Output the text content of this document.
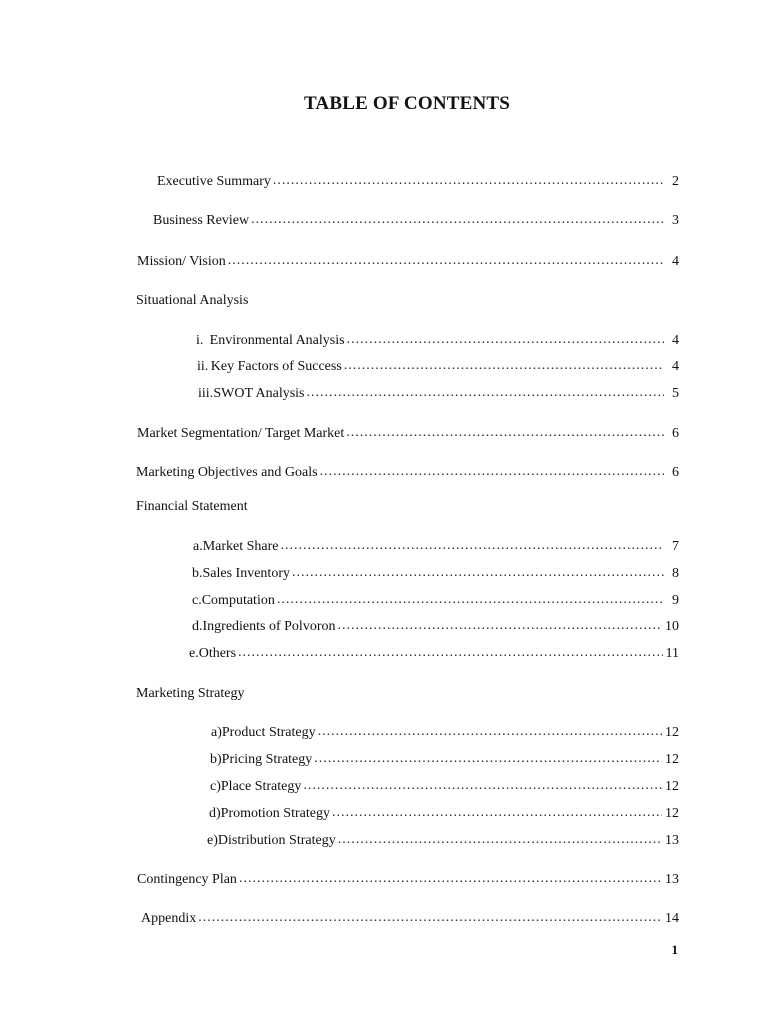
TABLE OF CONTENTS
Executive Summary .....	2
Business Review .....	3
Mission/ Vision .....	4
Situational Analysis
i. Environmental Analysis .....	4
ii. Key Factors of Success .....	4
iii. SWOT Analysis .....	5
Market Segmentation/ Target Market .....	6
Marketing Objectives and Goals .....	6
Financial Statement
a. Market Share .....	7
b. Sales Inventory .....	8
c. Computation .....	9
d. Ingredients of Polvoron .....	10
e. Others .....	11
Marketing Strategy
a) Product Strategy .....	12
b) Pricing Strategy .....	12
c) Place Strategy .....	12
d) Promotion Strategy .....	12
e) Distribution Strategy .....	13
Contingency Plan .....	13
Appendix .....	14
1
